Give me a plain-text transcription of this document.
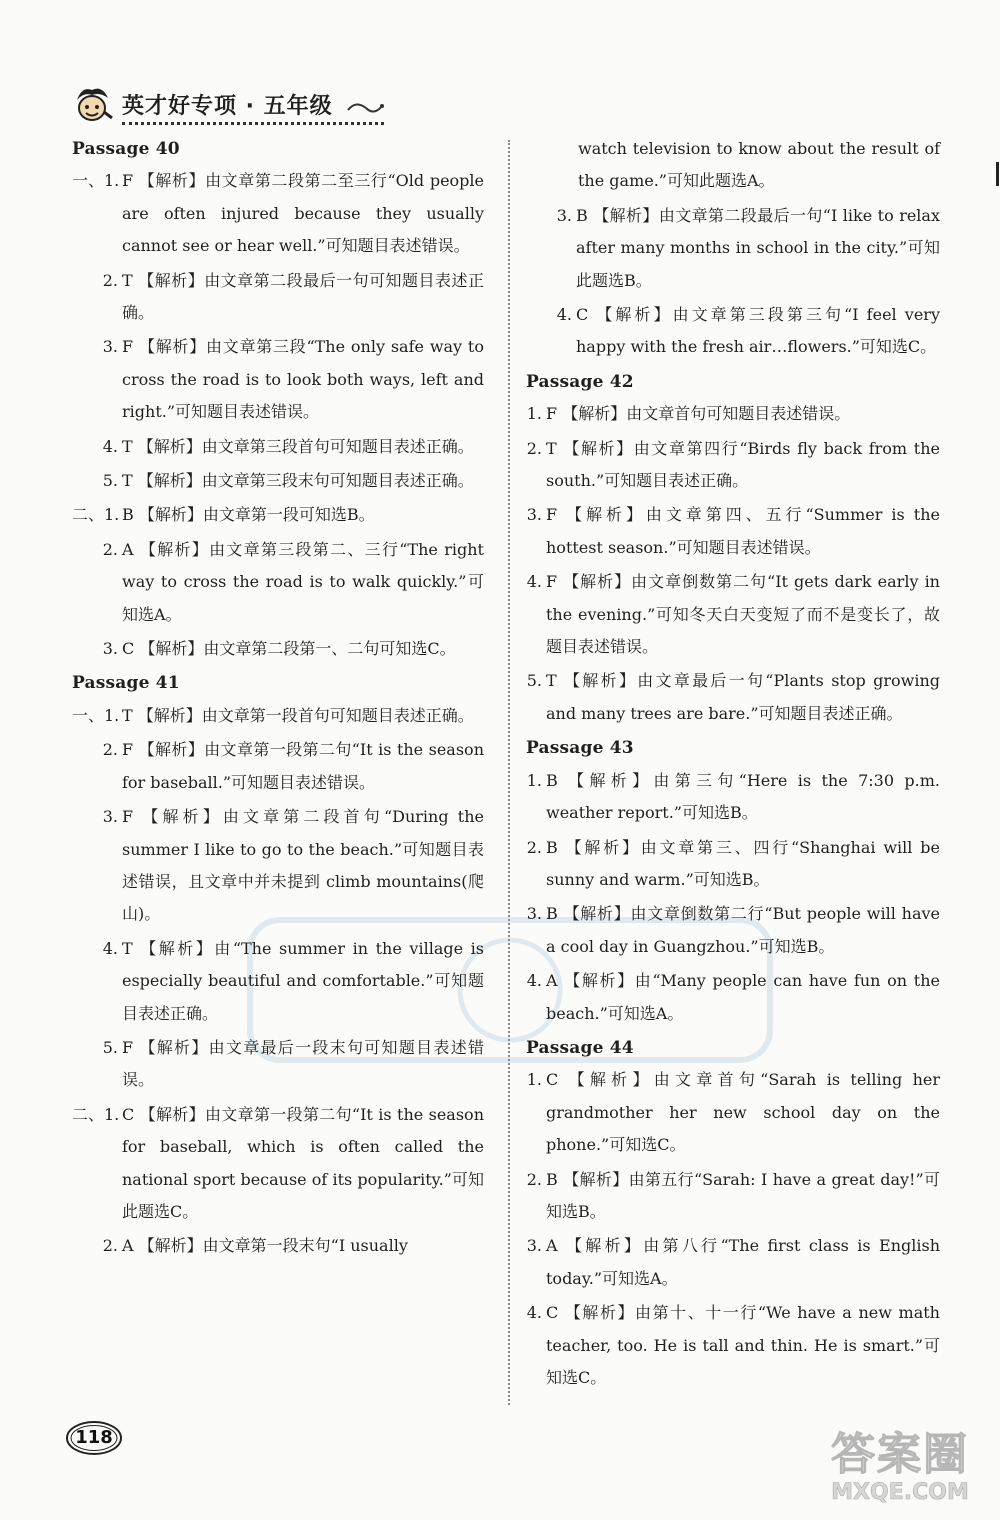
英才好专项 · 五年级
Passage 40
一、1. F 【解析】由文章第二段第二至三行“Old people are often injured because they usually cannot see or hear well.”可知题目表述错误。
2. T 【解析】由文章第二段最后一句可知题目表述正确。
3. F 【解析】由文章第三段“The only safe way to cross the road is to look both ways, left and right.”可知题目表述错误。
4. T 【解析】由文章第三段首句可知题目表述正确。
5. T 【解析】由文章第三段末句可知题目表述正确。
二、1. B 【解析】由文章第一段可知选B。
2. A 【解析】由文章第三段第二、三行“The right way to cross the road is to walk quickly.”可知选A。
3. C 【解析】由文章第二段第一、二句可知选C。
Passage 41
一、1. T 【解析】由文章第一段首句可知题目表述正确。
2. F 【解析】由文章第一段第二句“It is the season for baseball.”可知题目表述错误。
3. F 【解析】由文章第二段首句“During the summer I like to go to the beach.”可知题目表述错误，且文章中并未提到 climb mountains(爬山)。
4. T 【解析】由“The summer in the village is especially beautiful and comfortable.”可知题目表述正确。
5. F 【解析】由文章最后一段末句可知题目表述错误。
二、1. C 【解析】由文章第一段第二句“It is the season for baseball, which is often called the national sport because of its popularity.”可知此题选C。
2. A 【解析】由文章第一段末句“I usually
watch television to know about the result of the game.”可知此题选A。
3. B 【解析】由文章第二段最后一句“I like to relax after many months in school in the city.”可知此题选B。
4. C 【解析】由文章第三段第三句“I feel very happy with the fresh air…flowers.”可知选C。
Passage 42
1. F 【解析】由文章首句可知题目表述错误。
2. T 【解析】由文章第四行“Birds fly back from the south.”可知题目表述正确。
3. F 【解析】由文章第四、五行“Summer is the hottest season.”可知题目表述错误。
4. F 【解析】由文章倒数第二句“It gets dark early in the evening.”可知冬天白天变短了而不是变长了，故题目表述错误。
5. T 【解析】由文章最后一句“Plants stop growing and many trees are bare.”可知题目表述正确。
Passage 43
1. B 【解析】由第三句“Here is the 7:30 p.m. weather report.”可知选B。
2. B 【解析】由文章第三、四行“Shanghai will be sunny and warm.”可知选B。
3. B 【解析】由文章倒数第二行“But people will have a cool day in Guangzhou.”可知选B。
4. A 【解析】由“Many people can have fun on the beach.”可知选A。
Passage 44
1. C 【解析】由文章首句“Sarah is telling her grandmother her new school day on the phone.”可知选C。
2. B 【解析】由第五行“Sarah: I have a great day!”可知选B。
3. A 【解析】由第八行“The first class is English today.”可知选A。
4. C 【解析】由第十、十一行“We have a new math teacher, too. He is tall and thin. He is smart.”可知选C。
118	答案圈
MXQE.COM
